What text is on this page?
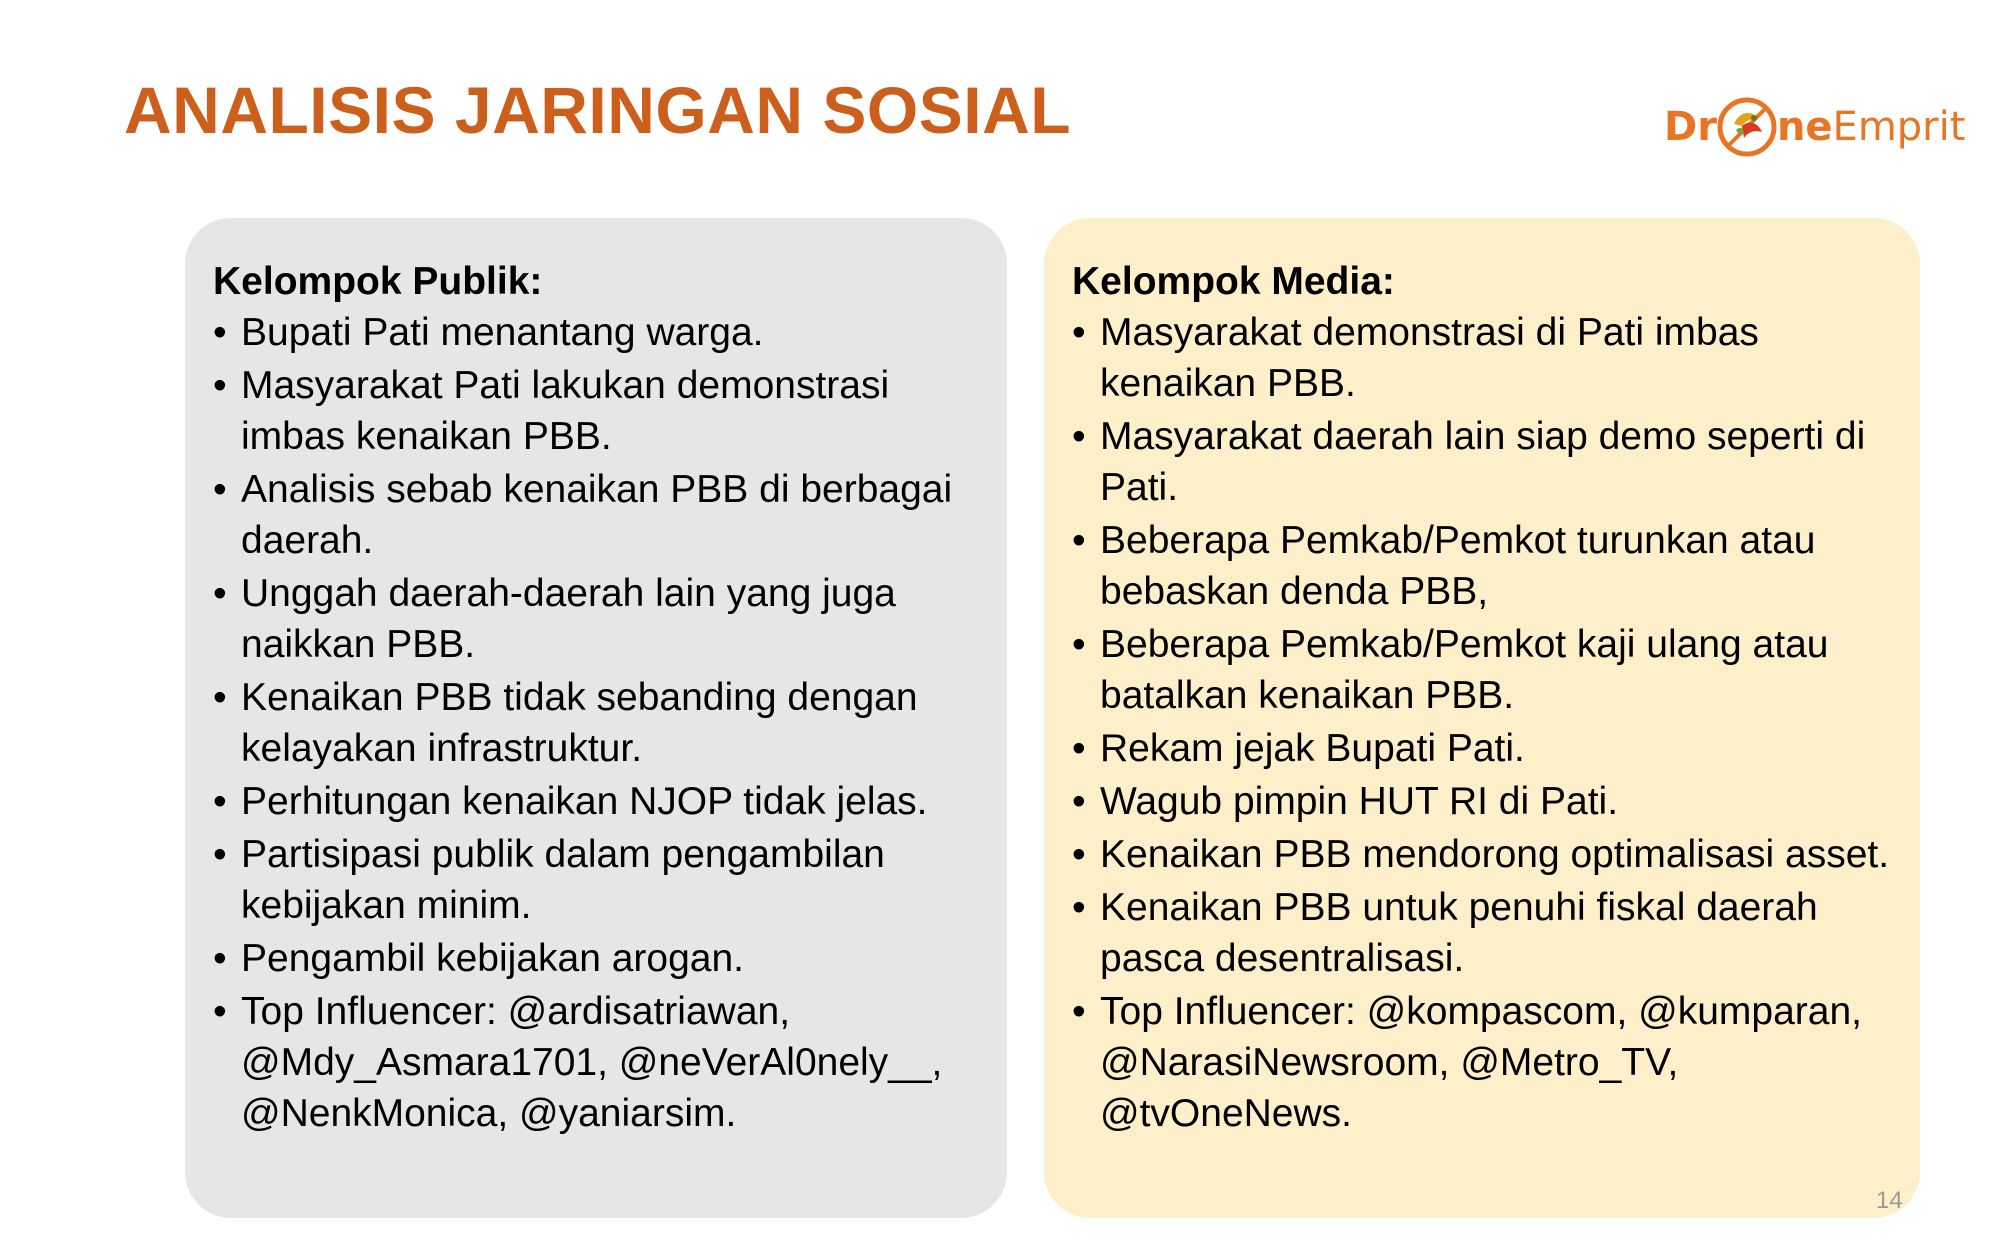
ANALISIS JARINGAN SOSIAL	Dr ne Emprit
Kelompok Publik:
• Bupati Pati menantang warga.
• Masyarakat Pati lakukan demonstrasi imbas kenaikan PBB.
• Analisis sebab kenaikan PBB di berbagai daerah.
• Unggah daerah-daerah lain yang juga naikkan PBB.
• Kenaikan PBB tidak sebanding dengan kelayakan infrastruktur.
• Perhitungan kenaikan NJOP tidak jelas.
• Partisipasi publik dalam pengambilan kebijakan minim.
• Pengambil kebijakan arogan.
• Top Influencer: @ardisatriawan, @Mdy_Asmara1701, @neVerAl0nely__, @NenkMonica, @yaniarsim.
Kelompok Media:
• Masyarakat demonstrasi di Pati imbas kenaikan PBB.
• Masyarakat daerah lain siap demo seperti di Pati.
• Beberapa Pemkab/Pemkot turunkan atau bebaskan denda PBB,
• Beberapa Pemkab/Pemkot kaji ulang atau batalkan kenaikan PBB.
• Rekam jejak Bupati Pati.
• Wagub pimpin HUT RI di Pati.
• Kenaikan PBB mendorong optimalisasi asset.
• Kenaikan PBB untuk penuhi fiskal daerah pasca desentralisasi.
• Top Influencer: @kompascom, @kumparan, @NarasiNewsroom, @Metro_TV, @tvOneNews.
14
